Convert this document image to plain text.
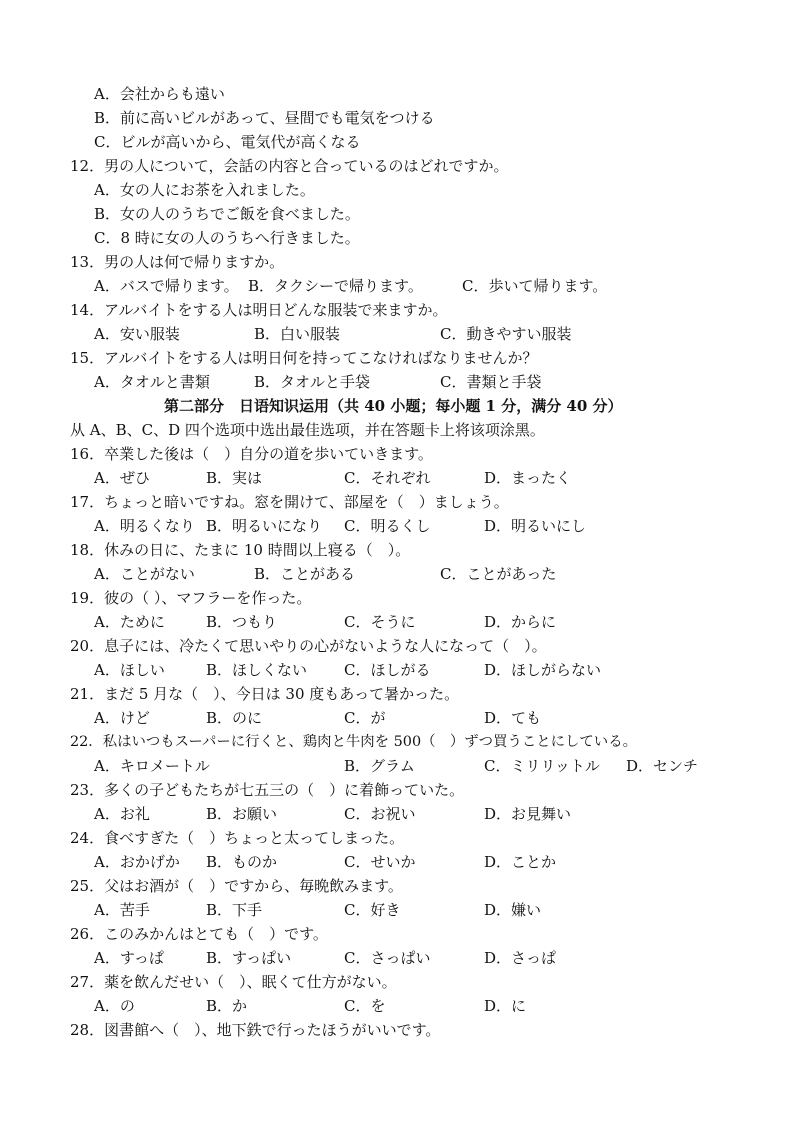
A．会社からも遠い
B．前に高いビルがあって、昼間でも電気をつける
C．ビルが高いから、電気代が高くなる
12．男の人について，会話の内容と合っているのはどれですか。
A．女の人にお茶を入れました。
B．女の人のうちでご飯を食べました。
C．8 時に女の人のうちへ行きました。
13．男の人は何で帰りますか。
A．バスで帰ります。 B．タクシーで帰ります。	C．歩いて帰ります。
14．アルバイトをする人は明日どんな服装で来ますか。
A．安い服装	B．白い服装	C．動きやすい服装
15．アルバイトをする人は明日何を持ってこなければなりませんか？
A．タオルと書類	B．タオルと手袋	C．書類と手袋
第二部分　日语知识运用（共 40 小题；每小题 1 分，满分 40 分）
从 A、B、C、D 四个选项中选出最佳选项，并在答题卡上将该项涂黑。
16．卒業した後は（　）自分の道を歩いていきます。
A．ぜひ	B．実は	C．それぞれ	D．まったく
17．ちょっと暗いですね。窓を開けて、部屋を（　）ましょう。
A．明るくなり B．明るいになり C．明るくし	D．明るいにし
18．休みの日に、たまに 10 時間以上寝る（　）。
A．ことがない	B．ことがある	C．ことがあった
19．彼の（ ）、マフラーを作った。
A．ために	B．つもり	C．そうに	D．からに
20．息子には、冷たくて思いやりの心がないような人になって（　）。
A．ほしい	B．ほしくない C．ほしがる	D．ほしがらない
21．まだ 5 月な（　）、今日は 30 度もあって暑かった。
A．けど	B．のに	C．が	D．ても
22．私はいつもスーパーに行くと、鶏肉と牛肉を 500（　）ずつ買うことにしている。
A．キロメートル	B．グラム	C．ミリリットル D．センチ
23．多くの子どもたちが七五三の（　）に着飾っていた。
A．お礼	B．お願い	C．お祝い	D．お見舞い
24．食べすぎた（　）ちょっと太ってしまった。
A．おかげか B．ものか	C．せいか	D．ことか
25．父はお酒が（　）ですから、毎晩飲みます。
A．苦手	B．下手	C．好き	D．嫌い
26．このみかんはとても（　）です。
A．すっぱ	B．すっぱい	C．さっぱい	D．さっぱ
27．薬を飲んだせい（　）、眠くて仕方がない。
A．の	B．か	C．を	D．に
28．図書館へ（　）、地下鉄で行ったほうがいいです。
